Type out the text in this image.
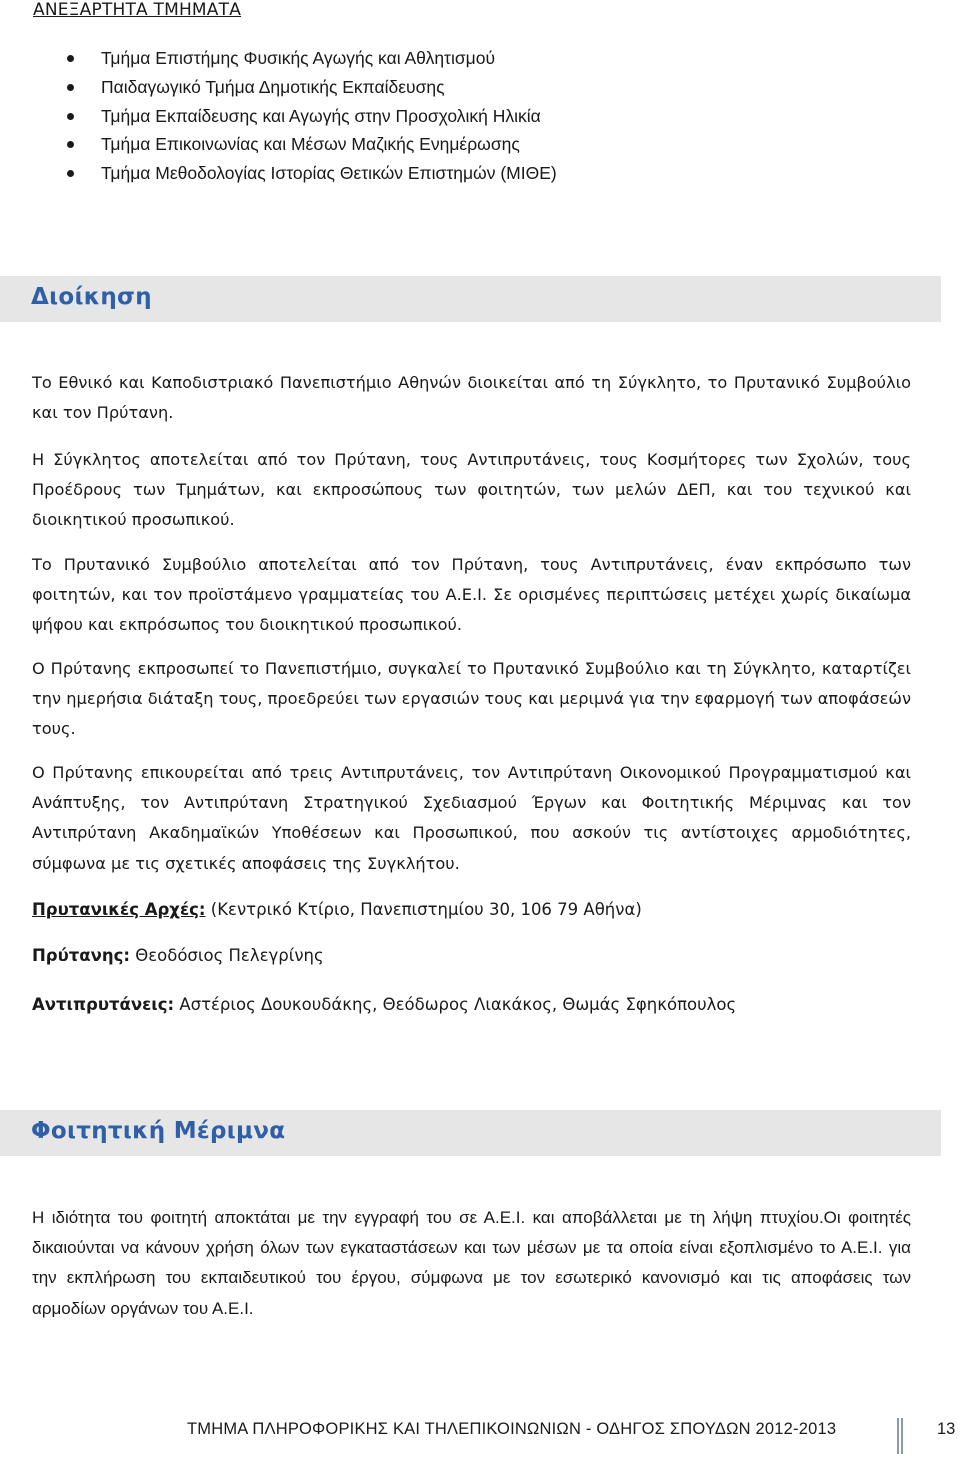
ΑΝΕΞΑΡΤΗΤΑ ΤΜΗΜΑΤΑ
Τμήμα Επιστήμης Φυσικής Αγωγής και Αθλητισμού
Παιδαγωγικό Τμήμα Δημοτικής Εκπαίδευσης
Τμήμα Εκπαίδευσης και Αγωγής στην Προσχολική Ηλικία
Τμήμα Επικοινωνίας και Μέσων Μαζικής Ενημέρωσης
Τμήμα Μεθοδολογίας Ιστορίας Θετικών Επιστημών (ΜΙΘΕ)
Διοίκηση

Το Εθνικό και Καποδιστριακό Πανεπιστήμιο Αθηνών διοικείται από τη Σύγκλητο, το Πρυτανικό Συμβούλιο και τον Πρύτανη.

Η Σύγκλητος αποτελείται από τον Πρύτανη, τους Αντιπρυτάνεις, τους Κοσμήτορες των Σχολών, τους Προέδρους των Τμημάτων, και εκπροσώπους των φοιτητών, των μελών ΔΕΠ, και του τεχνικού και διοικητικού προσωπικού.

Το Πρυτανικό Συμβούλιο αποτελείται από τον Πρύτανη, τους Αντιπρυτάνεις, έναν εκπρόσωπο των φοιτητών, και τον προϊστάμενο γραμματείας του Α.Ε.Ι. Σε ορισμένες περιπτώσεις μετέχει χωρίς δικαίωμα ψήφου και εκπρόσωπος του διοικητικού προσωπικού.

Ο Πρύτανης εκπροσωπεί το Πανεπιστήμιο, συγκαλεί το Πρυτανικό Συμβούλιο και τη Σύγκλητο, καταρτίζει την ημερήσια διάταξη τους, προεδρεύει των εργασιών τους και μεριμνά για την εφαρμογή των αποφάσεών τους.

Ο Πρύτανης επικουρείται από τρεις Αντιπρυτάνεις, τον Αντιπρύτανη Οικονομικού Προγραμματισμού και Ανάπτυξης, τον Αντιπρύτανη Στρατηγικού Σχεδιασμού Έργων και Φοιτητικής Μέριμνας και τον Αντιπρύτανη Ακαδημαϊκών Υποθέσεων και Προσωπικού, που ασκούν τις αντίστοιχες αρμοδιότητες, σύμφωνα με τις σχετικές αποφάσεις της Συγκλήτου.

Πρυτανικές Αρχές: (Κεντρικό Κτίριο, Πανεπιστημίου 30, 106 79 Αθήνα)

Πρύτανης: Θεοδόσιος Πελεγρίνης

Αντιπρυτάνεις: Αστέριος Δουκουδάκης, Θεόδωρος Λιακάκος, Θωμάς Σφηκόπουλος

Φοιτητική Μέριμνα

Η ιδιότητα του φοιτητή αποκτάται με την εγγραφή του σε Α.Ε.Ι. και αποβάλλεται με τη λήψη πτυχίου.Οι φοιτητές δικαιούνται να κάνουν χρήση όλων των εγκαταστάσεων και των μέσων με τα οποία είναι εξοπλισμένο το Α.Ε.Ι. για την εκπλήρωση του εκπαιδευτικού του έργου, σύμφωνα με τον εσωτερικό κανονισμό και τις αποφάσεις των αρμοδίων οργάνων του Α.Ε.Ι.

ΤΜΗΜΑ ΠΛΗΡΟΦΟΡΙΚΗΣ ΚΑΙ ΤΗΛΕΠΙΚΟΙΝΩΝΙΩΝ - ΟΔΗΓΟΣ ΣΠΟΥΔΩΝ 2012-2013	13
